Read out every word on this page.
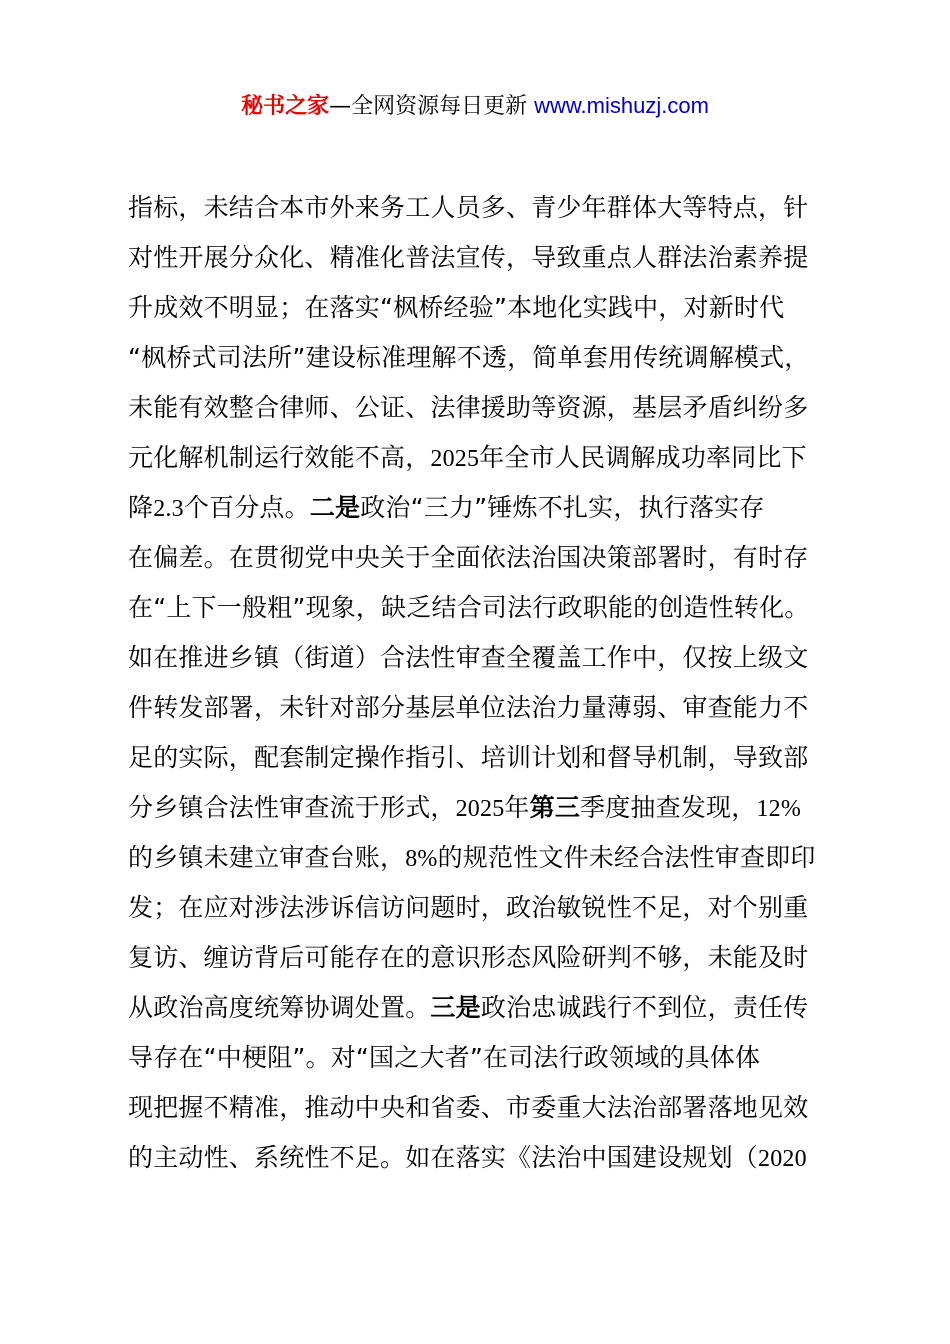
秘书之家—全网资源每日更新 www.mishuzj.com
指标，未结合本市外来务工人员多、青少年群体大等特点，针
对性开展分众化、精准化普法宣传，导致重点人群法治素养提
升成效不明显；在落实“枫桥经验”本地化实践中，对新时代
“枫桥式司法所”建设标准理解不透，简单套用传统调解模式，
未能有效整合律师、公证、法律援助等资源，基层矛盾纠纷多
元化解机制运行效能不高，2025年全市人民调解成功率同比下
降2.3个百分点。二是政治“三力”锤炼不扎实，执行落实存
在偏差。在贯彻党中央关于全面依法治国决策部署时，有时存
在“上下一般粗”现象，缺乏结合司法行政职能的创造性转化。
如在推进乡镇（街道）合法性审查全覆盖工作中，仅按上级文
件转发部署，未针对部分基层单位法治力量薄弱、审查能力不
足的实际，配套制定操作指引、培训计划和督导机制，导致部
分乡镇合法性审查流于形式，2025年第三季度抽查发现，12%
的乡镇未建立审查台账，8%的规范性文件未经合法性审查即印
发；在应对涉法涉诉信访问题时，政治敏锐性不足，对个别重
复访、缠访背后可能存在的意识形态风险研判不够，未能及时
从政治高度统筹协调处置。三是政治忠诚践行不到位，责任传
导存在“中梗阻”。对“国之大者”在司法行政领域的具体体
现把握不精准，推动中央和省委、市委重大法治部署落地见效
的主动性、系统性不足。如在落实《法治中国建设规划（2020
